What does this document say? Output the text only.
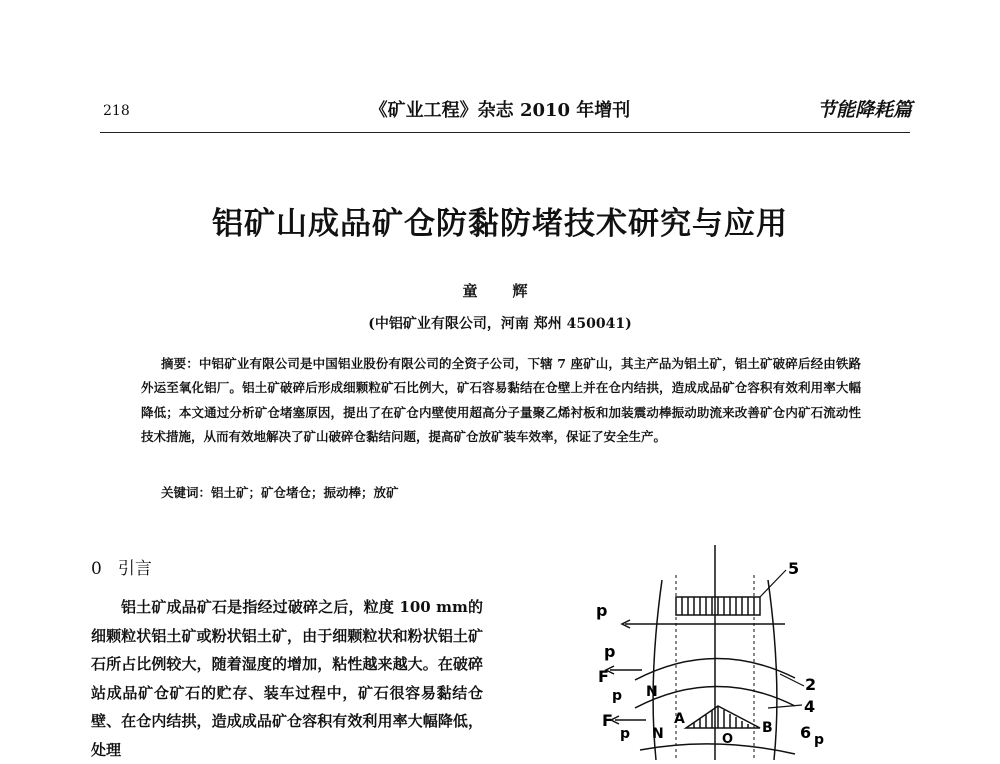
218	《矿业工程》杂志 2010 年增刊	节能降耗篇
铝矿山成品矿仓防黏防堵技术研究与应用
童　辉
(中铝矿业有限公司，河南 郑州 450041)
摘要：中铝矿业有限公司是中国铝业股份有限公司的全资子公司，下辖 7 座矿山，其主产品为铝土矿，铝土矿破碎后经由铁路外运至氧化铝厂。铝土矿破碎后形成细颗粒矿石比例大，矿石容易黏结在仓壁上并在仓内结拱，造成成品矿仓容积有效利用率大幅降低；本文通过分析矿仓堵塞原因，提出了在矿仓内壁使用超高分子量聚乙烯衬板和加装震动棒振动助流来改善矿仓内矿石流动性技术措施，从而有效地解决了矿山破碎仓黏结问题，提高矿仓放矿装车效率，保证了安全生产。
关键词：铝土矿；矿仓堵仓；振动棒；放矿
0 引言
铝土矿成品矿石是指经过破碎之后，粒度 100 mm的细颗粒状铝土矿或粉状铝土矿，由于细颗粒状和粉状铝土矿石所占比例较大，随着湿度的增加，粘性越来越大。在破碎站成品矿仓矿石的贮存、装车过程中，矿石很容易黏结仓壁、在仓内结拱，造成成品矿仓容积有效利用率大幅降低，处理
5
p
2
p
F
N
p
4
A
B
O
F
p N	6 p
